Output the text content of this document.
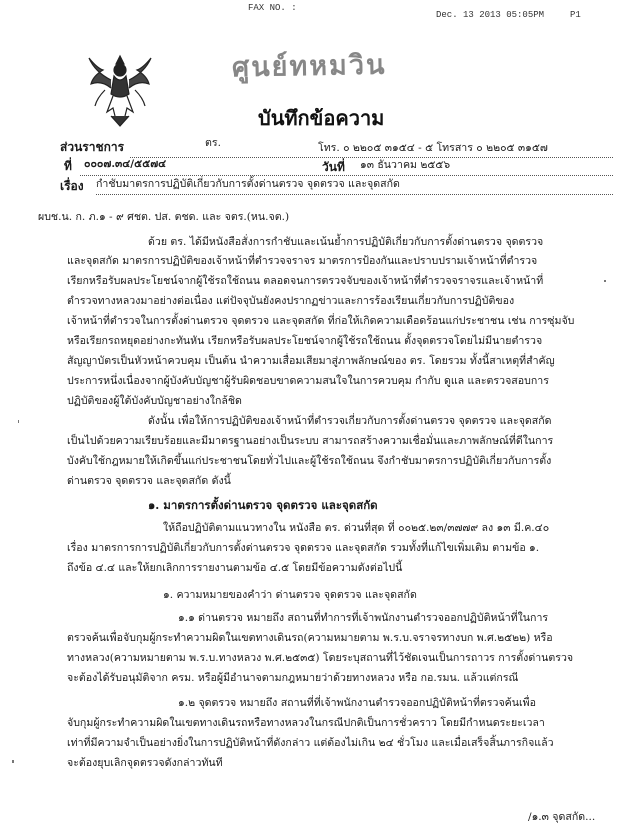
FAX NO. :
Dec. 13 2013 05:05PM	P1
ศูนย์ทหมวิน
บันทึกข้อความ
ส่วนราชการ	ตร.	โทร. ๐ ๒๒๐๕ ๓๑๕๔ - ๕ โทรสาร ๐ ๒๒๐๕ ๓๑๕๗
ที่ ๐๐๐๗.๓๔/๕๕๗๔	วันที่ ๑๓ ธันวาคม ๒๕๕๖
เรื่อง กำชับมาตรการปฏิบัติเกี่ยวกับการตั้งด่านตรวจ จุดตรวจ และจุดสกัด
ผบช.น. ก. ภ.๑ - ๙ ศชต. ปส. ตชด. และ จตร.(หน.จต.)
ด้วย ตร. ได้มีหนังสือสั่งการกำชับและเน้นย้ำการปฏิบัติเกี่ยวกับการตั้งด่านตรวจ จุดตรวจ
และจุดสกัด มาตรการปฏิบัติของเจ้าหน้าที่ตำรวจจราจร มาตรการป้องกันและปราบปรามเจ้าหน้าที่ตำรวจ
เรียกหรือรับผลประโยชน์จากผู้ใช้รถใช้ถนน ตลอดจนการตรวจจับของเจ้าหน้าที่ตำรวจจราจรและเจ้าหน้าที่
ตำรวจทางหลวงมาอย่างต่อเนื่อง แต่ปัจจุบันยังคงปรากฏข่าวและการร้องเรียนเกี่ยวกับการปฏิบัติของ
เจ้าหน้าที่ตำรวจในการตั้งด่านตรวจ จุดตรวจ และจุดสกัด ที่ก่อให้เกิดความเดือดร้อนแก่ประชาชน เช่น การซุ่มจับ
หรือเรียกรถหยุดอย่างกะทันหัน เรียกหรือรับผลประโยชน์จากผู้ใช้รถใช้ถนน ตั้งจุดตรวจโดยไม่มีนายตำรวจ
สัญญาบัตรเป็นหัวหน้าควบคุม เป็นต้น นำความเสื่อมเสียมาสู่ภาพลักษณ์ของ ตร. โดยรวม ทั้งนี้สาเหตุที่สำคัญ
ประการหนึ่งเนื่องจากผู้บังคับบัญชาผู้รับผิดชอบขาดความสนใจในการควบคุม กำกับ ดูแล และตรวจสอบการ
ปฏิบัติของผู้ใต้บังคับบัญชาอย่างใกล้ชิด
ดังนั้น เพื่อให้การปฏิบัติของเจ้าหน้าที่ตำรวจเกี่ยวกับการตั้งด่านตรวจ จุดตรวจ และจุดสกัด
เป็นไปด้วยความเรียบร้อยและมีมาตรฐานอย่างเป็นระบบ สามารถสร้างความเชื่อมั่นและภาพลักษณ์ที่ดีในการ
บังคับใช้กฎหมายให้เกิดขึ้นแก่ประชาชนโดยทั่วไปและผู้ใช้รถใช้ถนน จึงกำชับมาตรการปฏิบัติเกี่ยวกับการตั้ง
ด่านตรวจ จุดตรวจ และจุดสกัด ดังนี้
๑. มาตรการตั้งด่านตรวจ จุดตรวจ และจุดสกัด
ให้ถือปฏิบัติตามแนวทางใน หนังสือ ตร. ด่วนที่สุด ที่ ๐๐๒๕.๒๓/๓๗๗๙ ลง ๑๓ มี.ค.๔๐
เรื่อง มาตรการการปฏิบัติเกี่ยวกับการตั้งด่านตรวจ จุดตรวจ และจุดสกัด รวมทั้งที่แก้ไขเพิ่มเติม ตามข้อ ๑.
ถึงข้อ ๔.๔ และให้ยกเลิกการรายงานตามข้อ ๔.๕ โดยมีข้อความดังต่อไปนี้
๑. ความหมายของคำว่า ด่านตรวจ จุดตรวจ และจุดสกัด
๑.๑ ด่านตรวจ หมายถึง สถานที่ทำการที่เจ้าพนักงานตำรวจออกปฏิบัติหน้าที่ในการ
ตรวจค้นเพื่อจับกุมผู้กระทำความผิดในเขตทางเดินรถ(ความหมายตาม พ.ร.บ.จราจรทางบก พ.ศ.๒๕๒๒) หรือ
ทางหลวง(ความหมายตาม พ.ร.บ.ทางหลวง พ.ศ.๒๕๓๕) โดยระบุสถานที่ไว้ชัดเจนเป็นการถาวร การตั้งด่านตรวจ
จะต้องได้รับอนุมัติจาก ครม. หรือผู้มีอำนาจตามกฎหมายว่าด้วยทางหลวง หรือ กอ.รมน. แล้วแต่กรณี
๑.๒ จุดตรวจ หมายถึง สถานที่ที่เจ้าพนักงานตำรวจออกปฏิบัติหน้าที่ตรวจค้นเพื่อ
จับกุมผู้กระทำความผิดในเขตทางเดินรถหรือทางหลวงในกรณีปกติเป็นการชั่วคราว โดยมีกำหนดระยะเวลา
เท่าที่มีความจำเป็นอย่างยิ่งในการปฏิบัติหน้าที่ดังกล่าว แต่ต้องไม่เกิน ๒๔ ชั่วโมง และเมื่อเสร็จสิ้นภารกิจแล้ว
จะต้องยุบเลิกจุดตรวจดังกล่าวทันที
/๑.๓ จุดสกัด...
